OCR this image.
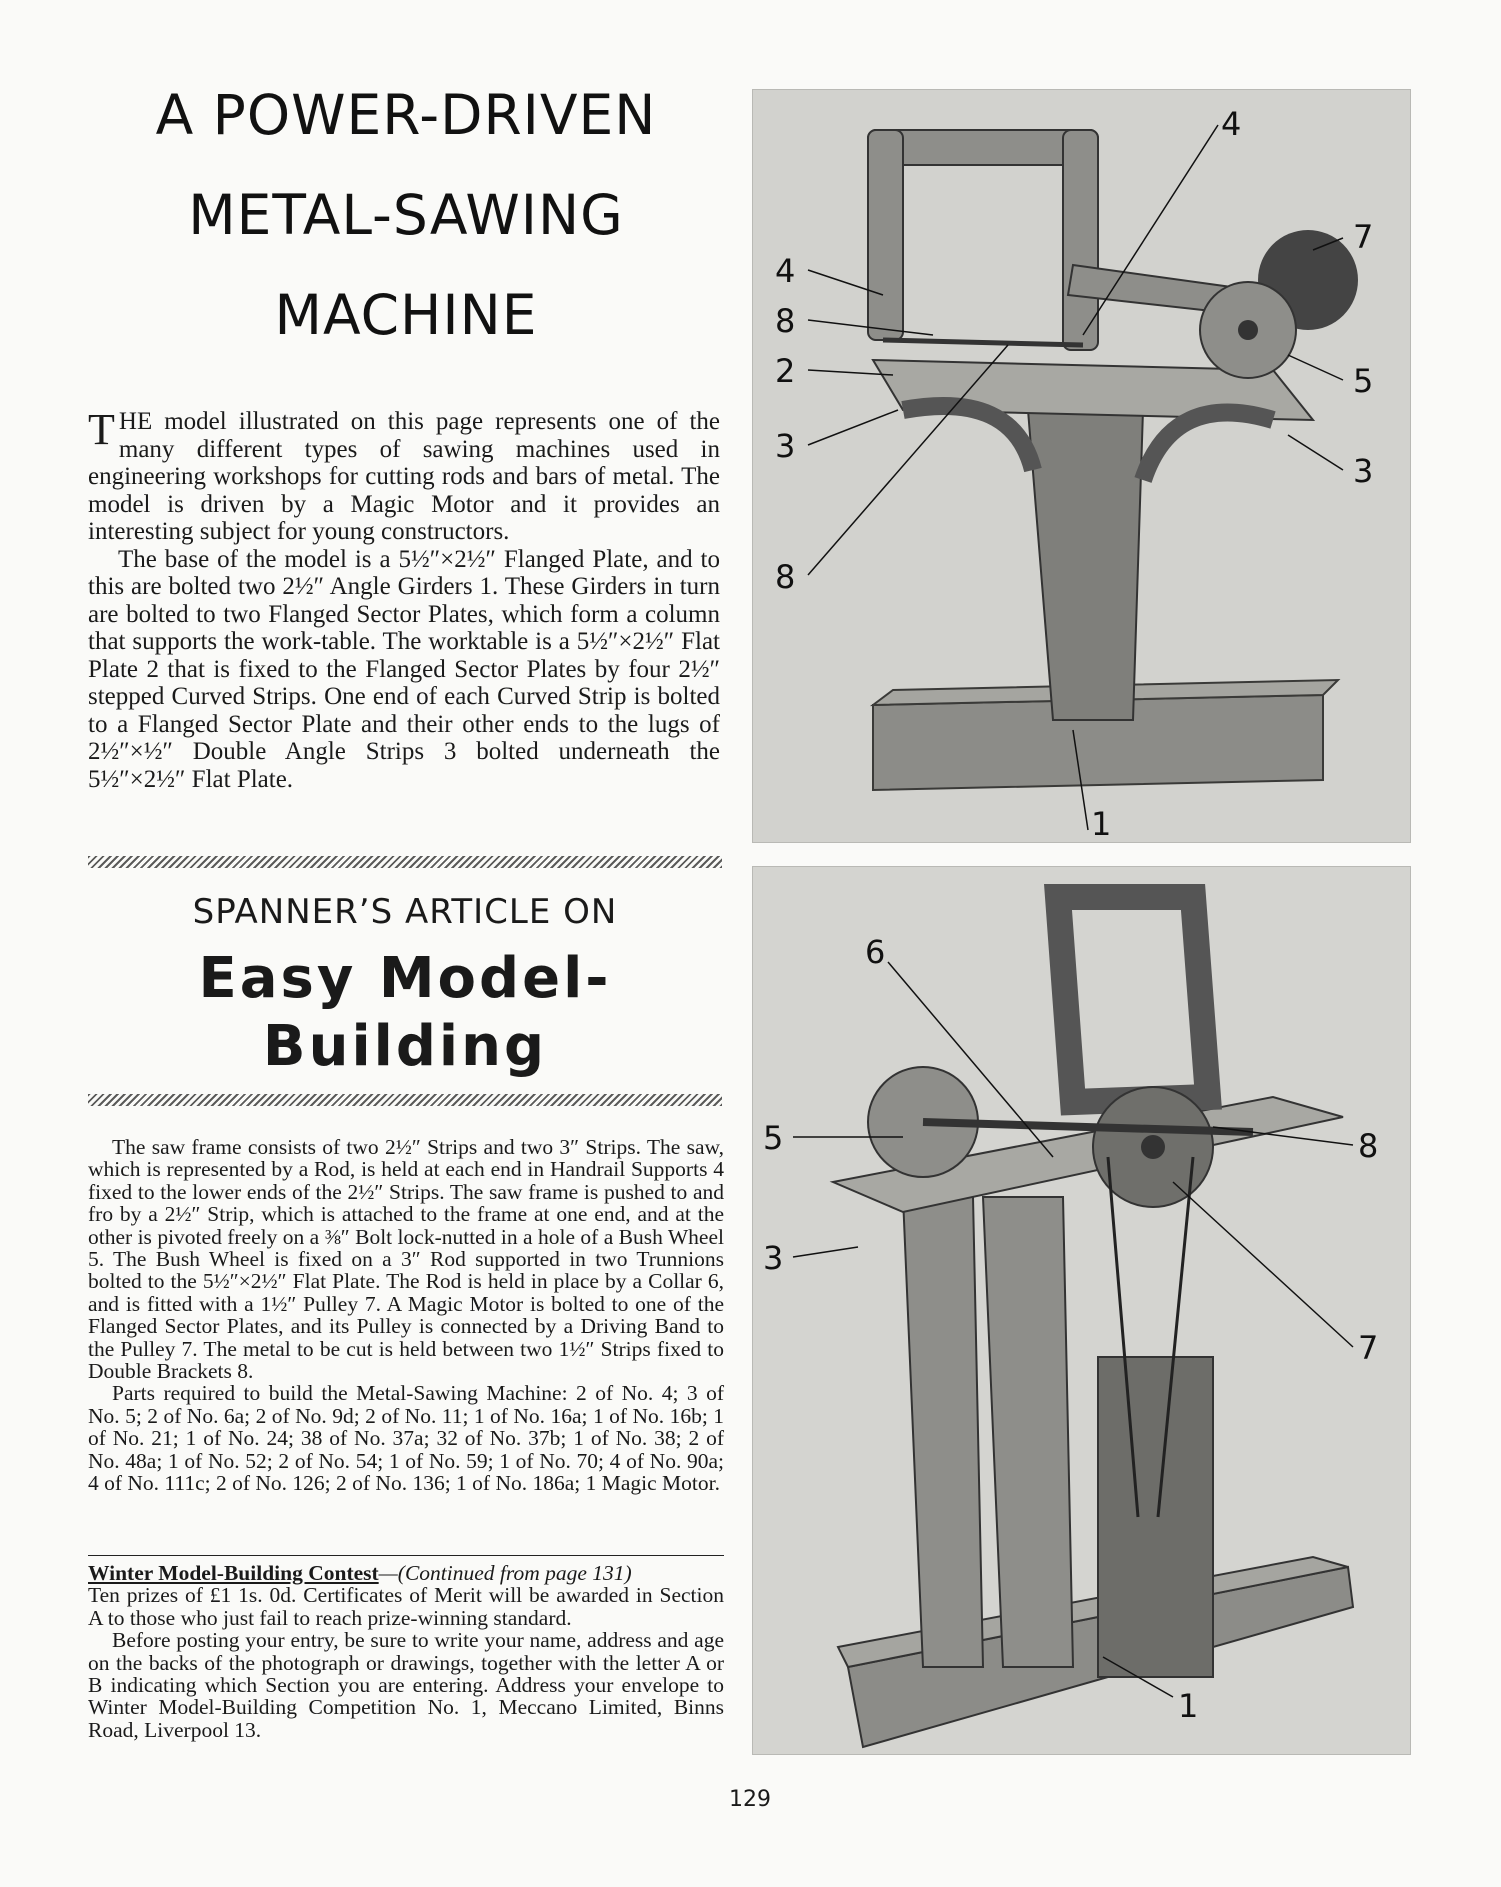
A POWER-DRIVEN
METAL-SAWING
MACHINE

THE model illustrated on this page represents one of the many different types of sawing machines used in engineering workshops for cutting rods and bars of metal. The model is driven by a Magic Motor and it provides an interesting subject for young constructors.

The base of the model is a 5½″×2½″ Flanged Plate, and to this are bolted two 2½″ Angle Girders 1. These Girders in turn are bolted to two Flanged Sector Plates, which form a column that supports the work-table. The worktable is a 5½″×2½″ Flat Plate 2 that is fixed to the Flanged Sector Plates by four 2½″ stepped Curved Strips. One end of each Curved Strip is bolted to a Flanged Sector Plate and their other ends to the lugs of 2½″×½″ Double Angle Strips 3 bolted underneath the 5½″×2½″ Flat Plate.

SPANNER’S ARTICLE ON
Easy Model-
Building

The saw frame consists of two 2½″ Strips and two 3″ Strips. The saw, which is represented by a Rod, is held at each end in Handrail Supports 4 fixed to the lower ends of the 2½″ Strips. The saw frame is pushed to and fro by a 2½″ Strip, which is attached to the frame at one end, and at the other is pivoted freely on a ⅜″ Bolt lock-nutted in a hole of a Bush Wheel 5. The Bush Wheel is fixed on a 3″ Rod supported in two Trunnions bolted to the 5½″×2½″ Flat Plate. The Rod is held in place by a Collar 6, and is fitted with a 1½″ Pulley 7. A Magic Motor is bolted to one of the Flanged Sector Plates, and its Pulley is connected by a Driving Band to the Pulley 7. The metal to be cut is held between two 1½″ Strips fixed to Double Brackets 8.

Parts required to build the Metal-Sawing Machine: 2 of No. 4; 3 of No. 5; 2 of No. 6a; 2 of No. 9d; 2 of No. 11; 1 of No. 16a; 1 of No. 16b; 1 of No. 21; 1 of No. 24; 38 of No. 37a; 32 of No. 37b; 1 of No. 38; 2 of No. 48a; 1 of No. 52; 2 of No. 54; 1 of No. 59; 1 of No. 70; 4 of No. 90a; 4 of No. 111c; 2 of No. 126; 2 of No. 136; 1 of No. 186a; 1 Magic Motor.

Winter Model-Building Contest—(Continued from page 131)

Ten prizes of £1 1s. 0d. Certificates of Merit will be awarded in Section A to those who just fail to reach prize-winning standard.

Before posting your entry, be sure to write your name, address and age on the backs of the photograph or drawings, together with the letter A or B indicating which Section you are entering. Address your envelope to Winter Model-Building Competition No. 1, Meccano Limited, Binns Road, Liverpool 13.

129
4
4
7
8
2	5
3
3
8
1
6
5	8
3
7
1
